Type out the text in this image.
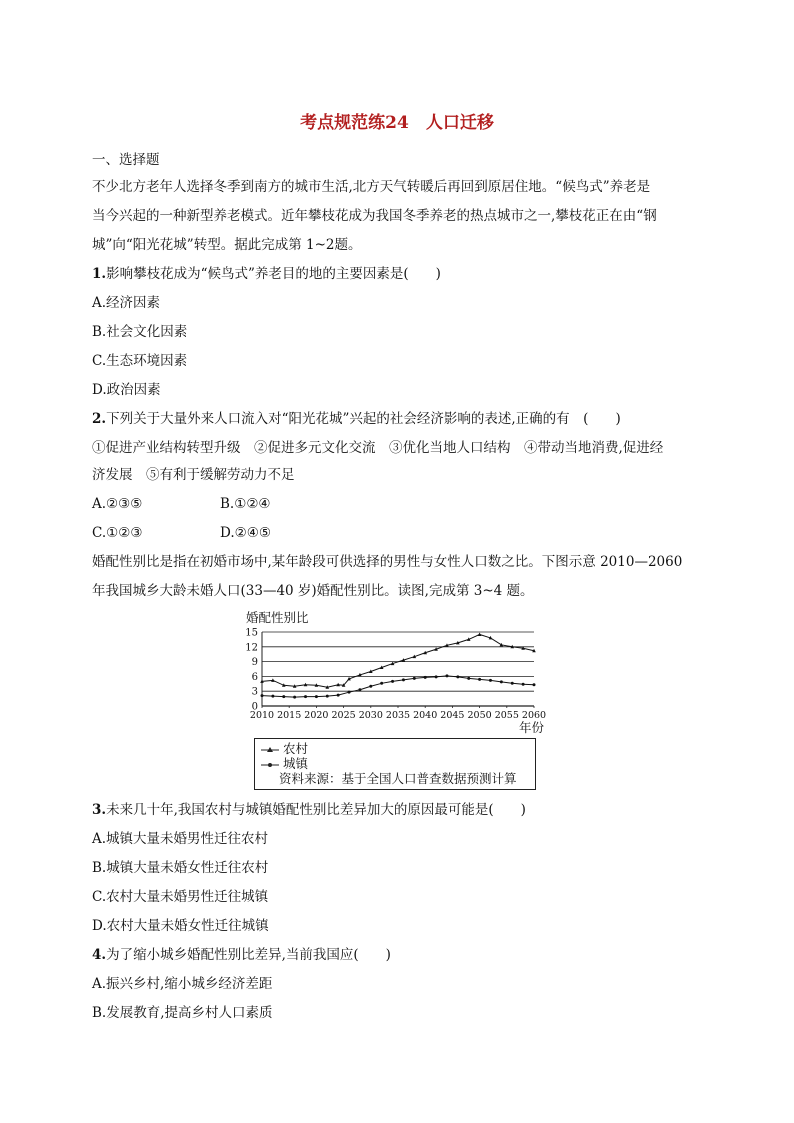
考点规范练24　人口迁移
一、选择题
不少北方老年人选择冬季到南方的城市生活,北方天气转暖后再回到原居住地。“候鸟式”养老是
当今兴起的一种新型养老模式。近年攀枝花成为我国冬季养老的热点城市之一,攀枝花正在由“钢
城”向“阳光花城”转型。据此完成第 1~2题。
1.影响攀枝花成为“候鸟式”养老目的地的主要因素是(　　)
A.经济因素
B.社会文化因素
C.生态环境因素
D.政治因素
2.下列关于大量外来人口流入对“阳光花城”兴起的社会经济影响的表述,正确的有　(　　)
①促进产业结构转型升级　②促进多元文化交流　③优化当地人口结构　④带动当地消费,促进经
济发展　⑤有利于缓解劳动力不足
A.②③⑤	B.①②④
C.①②③	D.②④⑤
婚配性别比是指在初婚市场中,某年龄段可供选择的男性与女性人口数之比。下图示意 2010—2060
年我国城乡大龄未婚人口(33—40 岁)婚配性别比。读图,完成第 3~4 题。
婚配性别比
0
3
6
9
12
15
2010 2015 2020 2025 2030 2035 2040 2045 2050 2055 2060
年份
农村
城镇
资料来源：基于全国人口普查数据预测计算
3.未来几十年,我国农村与城镇婚配性别比差异加大的原因最可能是(　　)
A.城镇大量未婚男性迁往农村
B.城镇大量未婚女性迁往农村
C.农村大量未婚男性迁往城镇
D.农村大量未婚女性迁往城镇
4.为了缩小城乡婚配性别比差异,当前我国应(　　)
A.振兴乡村,缩小城乡经济差距
B.发展教育,提高乡村人口素质
